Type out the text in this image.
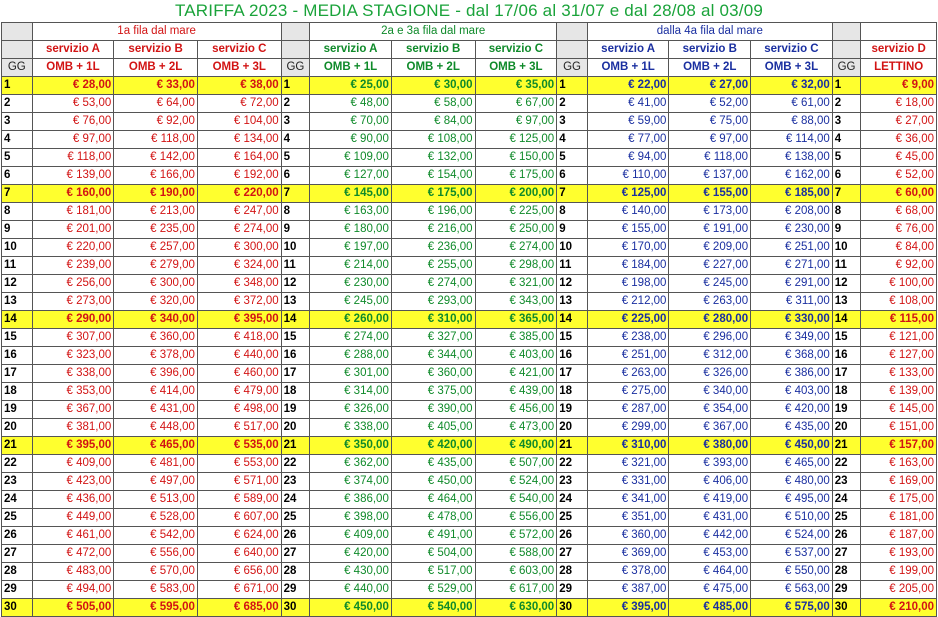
TARIFFA 2023 - MEDIA STAGIONE - dal 17/06 al 31/07 e dal 28/08 al 03/09
	1a fila dal mare				2a e 3a fila dal mare				dalla 4a fila dal mare				
	servizio A	servizio B	servizio C		servizio A	servizio B	servizio C		servizio A	servizio B	servizio C		servizio D
GG	OMB + 1L	OMB + 2L	OMB + 3L	GG	OMB + 1L	OMB + 2L	OMB + 3L	GG	OMB + 1L	OMB + 2L	OMB + 3L	GG	LETTINO
1	€ 28,00	€ 33,00	€ 38,00	1	€ 25,00	€ 30,00	€ 35,00	1	€ 22,00	€ 27,00	€ 32,00	1	€ 9,00
2	€ 53,00	€ 64,00	€ 72,00	2	€ 48,00	€ 58,00	€ 67,00	2	€ 41,00	€ 52,00	€ 61,00	2	€ 18,00
3	€ 76,00	€ 92,00	€ 104,00	3	€ 70,00	€ 84,00	€ 97,00	3	€ 59,00	€ 75,00	€ 88,00	3	€ 27,00
4	€ 97,00	€ 118,00	€ 134,00	4	€ 90,00	€ 108,00	€ 125,00	4	€ 77,00	€ 97,00	€ 114,00	4	€ 36,00
5	€ 118,00	€ 142,00	€ 164,00	5	€ 109,00	€ 132,00	€ 150,00	5	€ 94,00	€ 118,00	€ 138,00	5	€ 45,00
6	€ 139,00	€ 166,00	€ 192,00	6	€ 127,00	€ 154,00	€ 175,00	6	€ 110,00	€ 137,00	€ 162,00	6	€ 52,00
7	€ 160,00	€ 190,00	€ 220,00	7	€ 145,00	€ 175,00	€ 200,00	7	€ 125,00	€ 155,00	€ 185,00	7	€ 60,00
8	€ 181,00	€ 213,00	€ 247,00	8	€ 163,00	€ 196,00	€ 225,00	8	€ 140,00	€ 173,00	€ 208,00	8	€ 68,00
9	€ 201,00	€ 235,00	€ 274,00	9	€ 180,00	€ 216,00	€ 250,00	9	€ 155,00	€ 191,00	€ 230,00	9	€ 76,00
10	€ 220,00	€ 257,00	€ 300,00	10	€ 197,00	€ 236,00	€ 274,00	10	€ 170,00	€ 209,00	€ 251,00	10	€ 84,00
11	€ 239,00	€ 279,00	€ 324,00	11	€ 214,00	€ 255,00	€ 298,00	11	€ 184,00	€ 227,00	€ 271,00	11	€ 92,00
12	€ 256,00	€ 300,00	€ 348,00	12	€ 230,00	€ 274,00	€ 321,00	12	€ 198,00	€ 245,00	€ 291,00	12	€ 100,00
13	€ 273,00	€ 320,00	€ 372,00	13	€ 245,00	€ 293,00	€ 343,00	13	€ 212,00	€ 263,00	€ 311,00	13	€ 108,00
14	€ 290,00	€ 340,00	€ 395,00	14	€ 260,00	€ 310,00	€ 365,00	14	€ 225,00	€ 280,00	€ 330,00	14	€ 115,00
15	€ 307,00	€ 360,00	€ 418,00	15	€ 274,00	€ 327,00	€ 385,00	15	€ 238,00	€ 296,00	€ 349,00	15	€ 121,00
16	€ 323,00	€ 378,00	€ 440,00	16	€ 288,00	€ 344,00	€ 403,00	16	€ 251,00	€ 312,00	€ 368,00	16	€ 127,00
17	€ 338,00	€ 396,00	€ 460,00	17	€ 301,00	€ 360,00	€ 421,00	17	€ 263,00	€ 326,00	€ 386,00	17	€ 133,00
18	€ 353,00	€ 414,00	€ 479,00	18	€ 314,00	€ 375,00	€ 439,00	18	€ 275,00	€ 340,00	€ 403,00	18	€ 139,00
19	€ 367,00	€ 431,00	€ 498,00	19	€ 326,00	€ 390,00	€ 456,00	19	€ 287,00	€ 354,00	€ 420,00	19	€ 145,00
20	€ 381,00	€ 448,00	€ 517,00	20	€ 338,00	€ 405,00	€ 473,00	20	€ 299,00	€ 367,00	€ 435,00	20	€ 151,00
21	€ 395,00	€ 465,00	€ 535,00	21	€ 350,00	€ 420,00	€ 490,00	21	€ 310,00	€ 380,00	€ 450,00	21	€ 157,00
22	€ 409,00	€ 481,00	€ 553,00	22	€ 362,00	€ 435,00	€ 507,00	22	€ 321,00	€ 393,00	€ 465,00	22	€ 163,00
23	€ 423,00	€ 497,00	€ 571,00	23	€ 374,00	€ 450,00	€ 524,00	23	€ 331,00	€ 406,00	€ 480,00	23	€ 169,00
24	€ 436,00	€ 513,00	€ 589,00	24	€ 386,00	€ 464,00	€ 540,00	24	€ 341,00	€ 419,00	€ 495,00	24	€ 175,00
25	€ 449,00	€ 528,00	€ 607,00	25	€ 398,00	€ 478,00	€ 556,00	25	€ 351,00	€ 431,00	€ 510,00	25	€ 181,00
26	€ 461,00	€ 542,00	€ 624,00	26	€ 409,00	€ 491,00	€ 572,00	26	€ 360,00	€ 442,00	€ 524,00	26	€ 187,00
27	€ 472,00	€ 556,00	€ 640,00	27	€ 420,00	€ 504,00	€ 588,00	27	€ 369,00	€ 453,00	€ 537,00	27	€ 193,00
28	€ 483,00	€ 570,00	€ 656,00	28	€ 430,00	€ 517,00	€ 603,00	28	€ 378,00	€ 464,00	€ 550,00	28	€ 199,00
29	€ 494,00	€ 583,00	€ 671,00	29	€ 440,00	€ 529,00	€ 617,00	29	€ 387,00	€ 475,00	€ 563,00	29	€ 205,00
30	€ 505,00	€ 595,00	€ 685,00	30	€ 450,00	€ 540,00	€ 630,00	30	€ 395,00	€ 485,00	€ 575,00	30	€ 210,00
